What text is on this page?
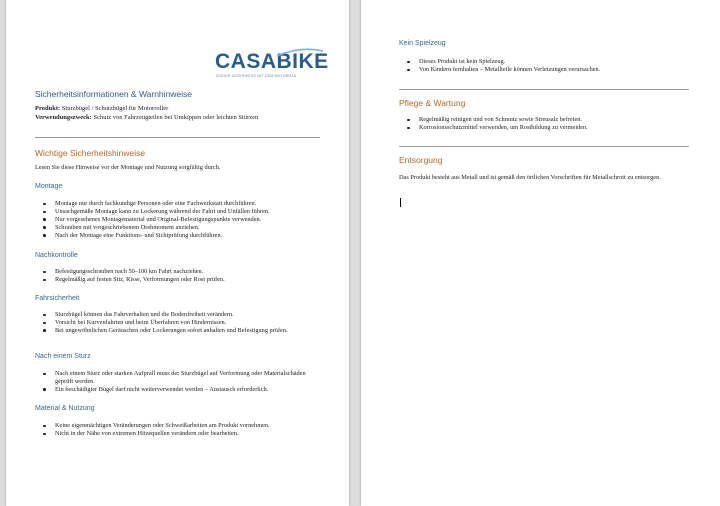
CASABIKE
SICHER UNTERWEGS MIT DEM MOTORRAD
Sicherheitsinformationen & Warnhinweise
Produkt: Sturzbügel / Schutzbügel für Motorroller
Verwendungszweck: Schutz von Fahrzeugteilen bei Umkippen oder leichten Stürzen
Wichtige Sicherheitshinweise

Lesen Sie diese Hinweise vor der Montage und Nutzung sorgfältig durch.

Montage
Montage nur durch fachkundige Personen oder eine Fachwerkstatt durchführen.
Unsachgemäße Montage kann zu Lockerung während der Fahrt und Unfällen führen.
Nur vorgesehenes Montagematerial und Original-Befestigungspunkte verwenden.
Schrauben mit vorgeschriebenem Drehmoment anziehen.
Nach der Montage eine Funktions- und Sichtprüfung durchführen.
Nachkontrolle
Befestigungsschrauben nach 50–100 km Fahrt nachziehen.
Regelmäßig auf festen Sitz, Risse, Verformungen oder Rost prüfen.
Fahrsicherheit
Sturzbügel können das Fahrverhalten und die Bodenfreiheit verändern.
Vorsicht bei Kurvenfahrten und beim Überfahren von Hindernissen.
Bei ungewöhnlichen Geräuschen oder Lockerungen sofort anhalten und Befestigung prüfen.
Nach einem Sturz
Nach einem Sturz oder starken Aufprall muss der Sturzbügel auf Verformung oder Materialschäden geprüft werden.
Ein beschädigter Bügel darf nicht weiterverwendet werden – Austausch erforderlich.
Material & Nutzung
Keine eigenmächtigen Veränderungen oder Schweißarbeiten am Produkt vornehmen.
Nicht in der Nähe von extremen Hitzequellen verändern oder bearbeiten.
Kein Spielzeug
Dieses Produkt ist kein Spielzeug.
Von Kindern fernhalten – Metallteile können Verletzungen verursachen.
Pflege & Wartung
Regelmäßig reinigen und von Schmutz sowie Streusalz befreien.
Korrosionsschutzmittel verwenden, um Rostbildung zu vermeiden.
Entsorgung

Das Produkt besteht aus Metall und ist gemäß den örtlichen Vorschriften für Metallschrott zu entsorgen.
